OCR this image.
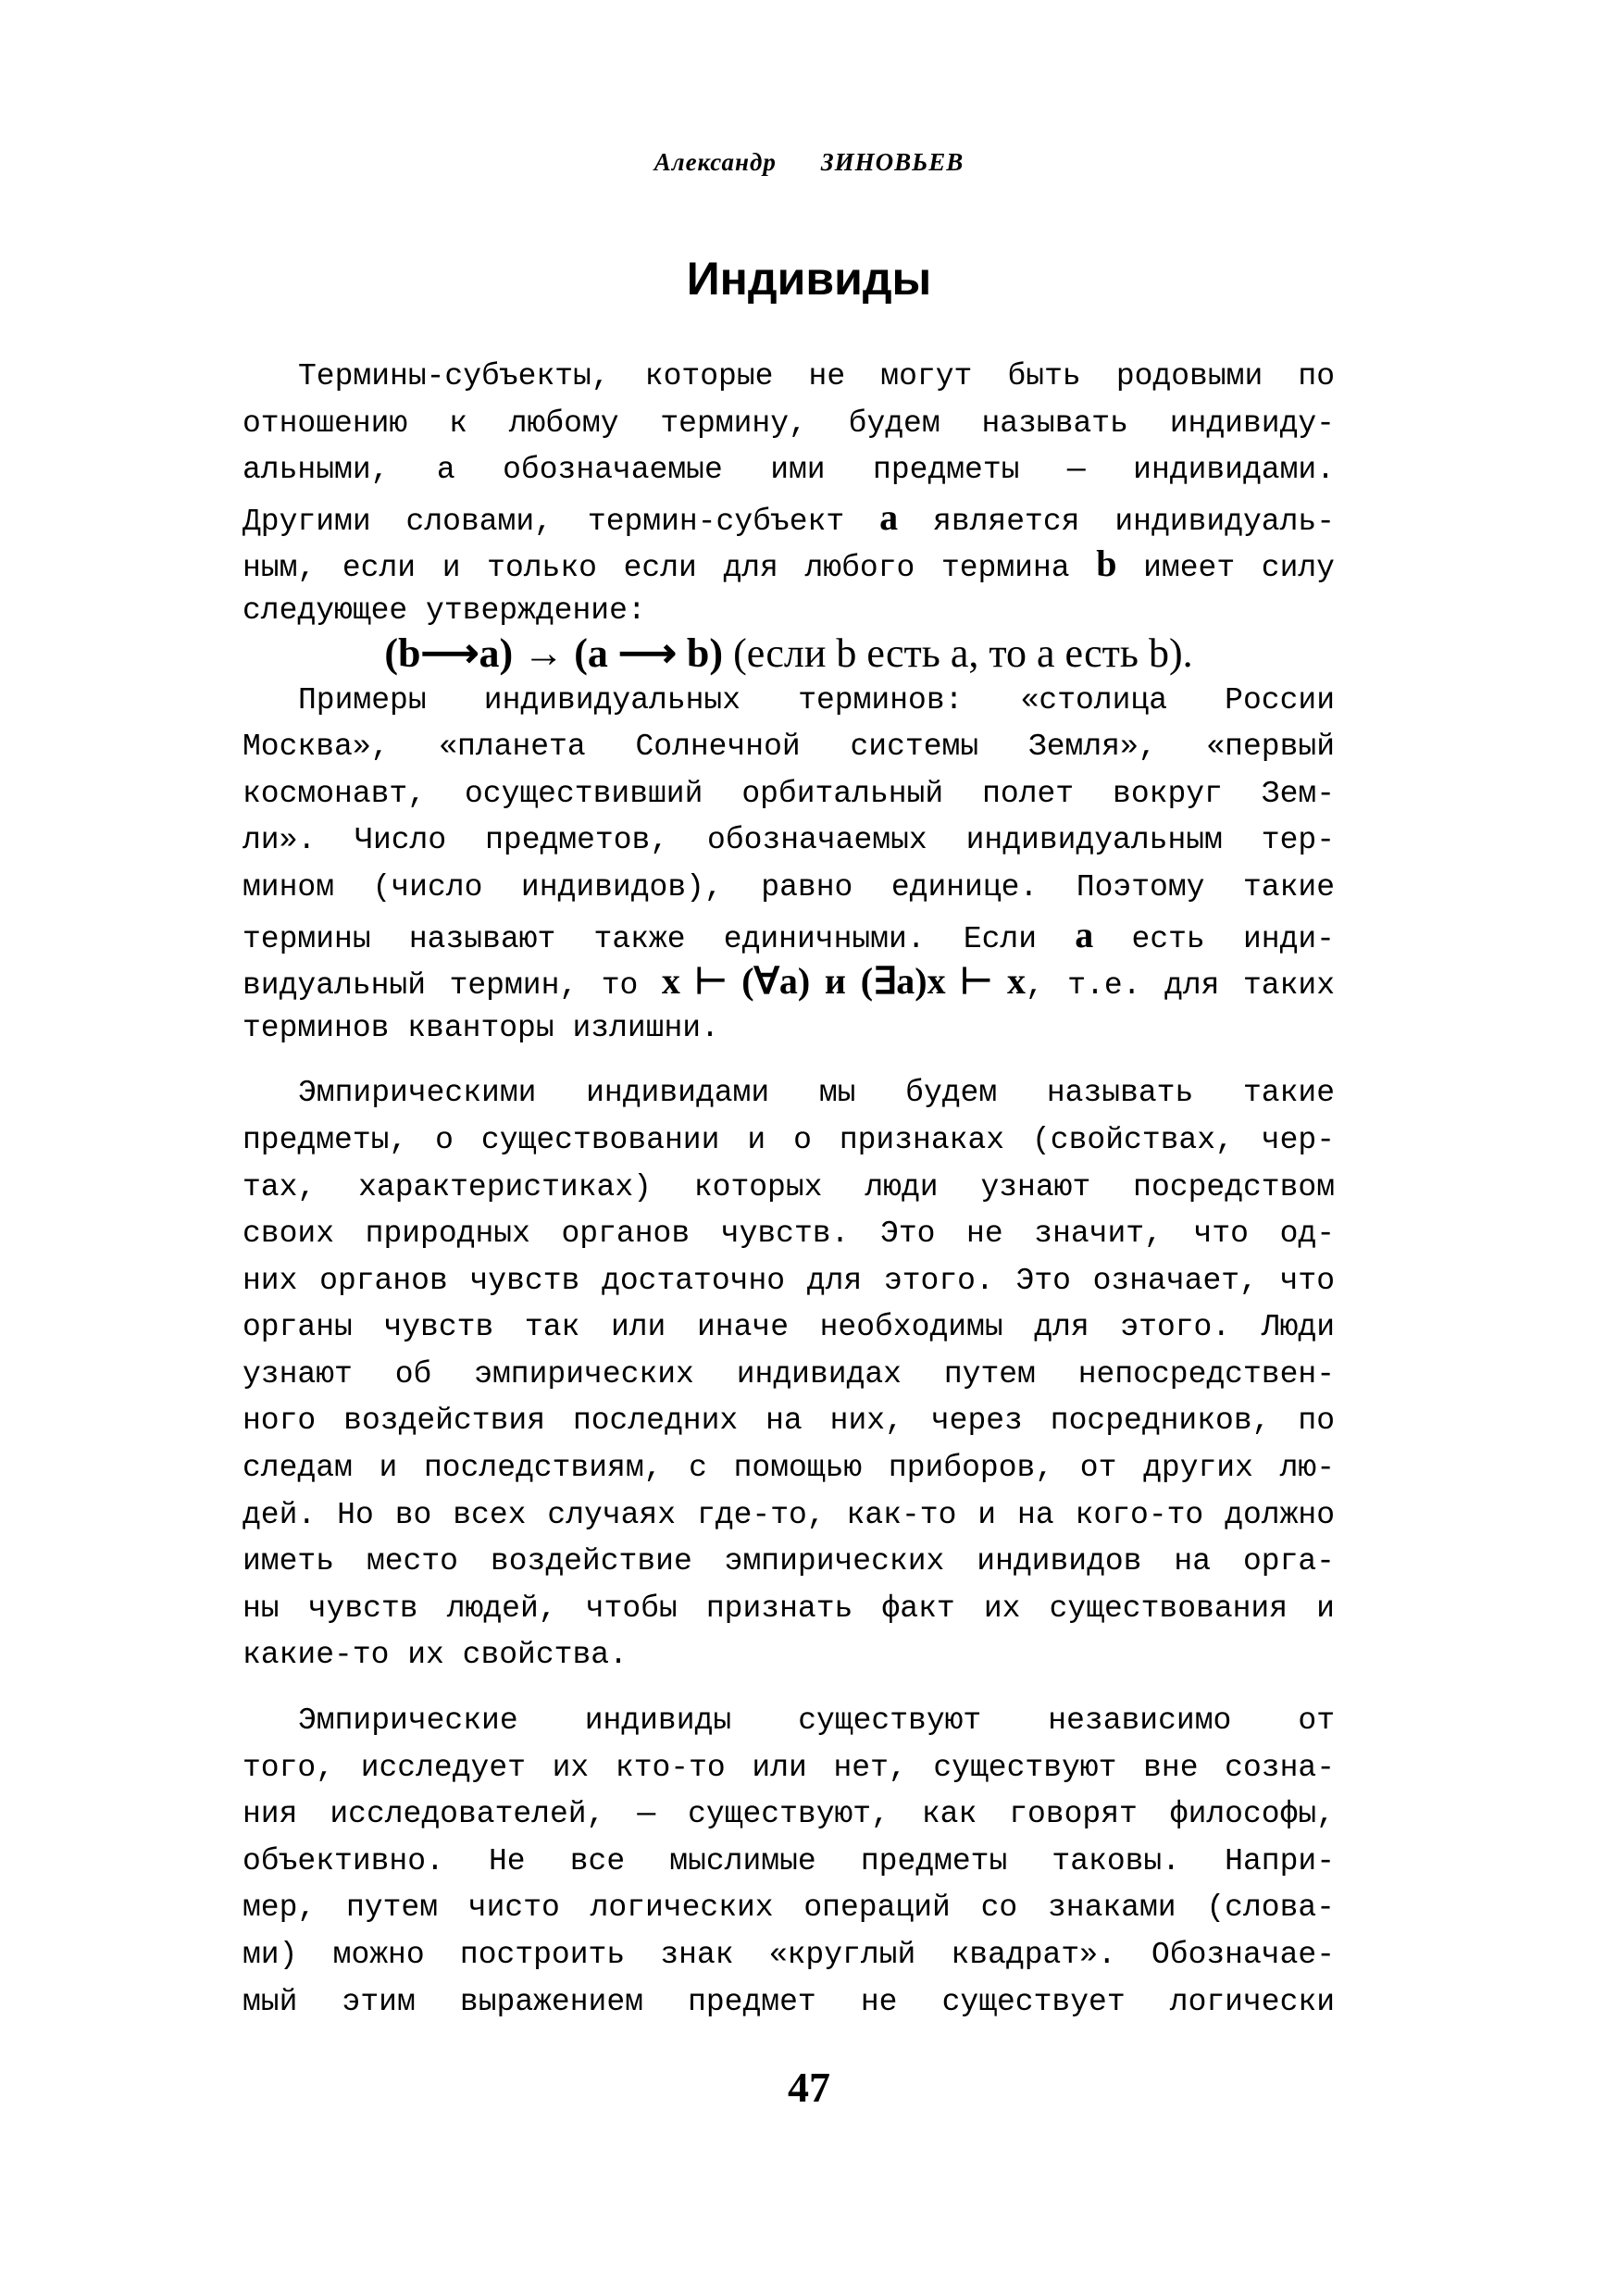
Александр ЗИНОВЬЕВ
Индивиды
Термины-субъекты, которые не могут быть родовыми по
отношению к любому термину, будем называть индивиду-
альными, а обозначаемые ими предметы — индивидами.
Другими словами, термин-субъект a является индивидуаль-
ным, если и только если для любого термина b имеет силу
следующее утверждение:
(b⟶a) → (a ⟶ b) (если b есть a, то a есть b).
Примеры индивидуальных терминов: «столица России
Москва», «планета Солнечной системы Земля», «первый
космонавт, осуществивший орбитальный полет вокруг Зем-
ли». Число предметов, обозначаемых индивидуальным тер-
мином (число индивидов), равно единице. Поэтому такие
термины называют также единичными. Если a есть инди-
видуальный термин, то x ⊢ (∀a) и (∃a)x ⊢ x, т.е. для таких
терминов кванторы излишни.
Эмпирическими индивидами мы будем называть такие
предметы, о существовании и о признаках (свойствах, чер-
тах, характеристиках) которых люди узнают посредством
своих природных органов чувств. Это не значит, что од-
них органов чувств достаточно для этого. Это означает, что
органы чувств так или иначе необходимы для этого. Люди
узнают об эмпирических индивидах путем непосредствен-
ного воздействия последних на них, через посредников, по
следам и последствиям, с помощью приборов, от других лю-
дей. Но во всех случаях где-то, как-то и на кого-то должно
иметь место воздействие эмпирических индивидов на орга-
ны чувств людей, чтобы признать факт их существования и
какие-то их свойства.
Эмпирические индивиды существуют независимо от
того, исследует их кто-то или нет, существуют вне созна-
ния исследователей, — существуют, как говорят философы,
объективно. Не все мыслимые предметы таковы. Напри-
мер, путем чисто логических операций со знаками (слова-
ми) можно построить знак «круглый квадрат». Обозначае-
мый этим выражением предмет не существует логически
47
